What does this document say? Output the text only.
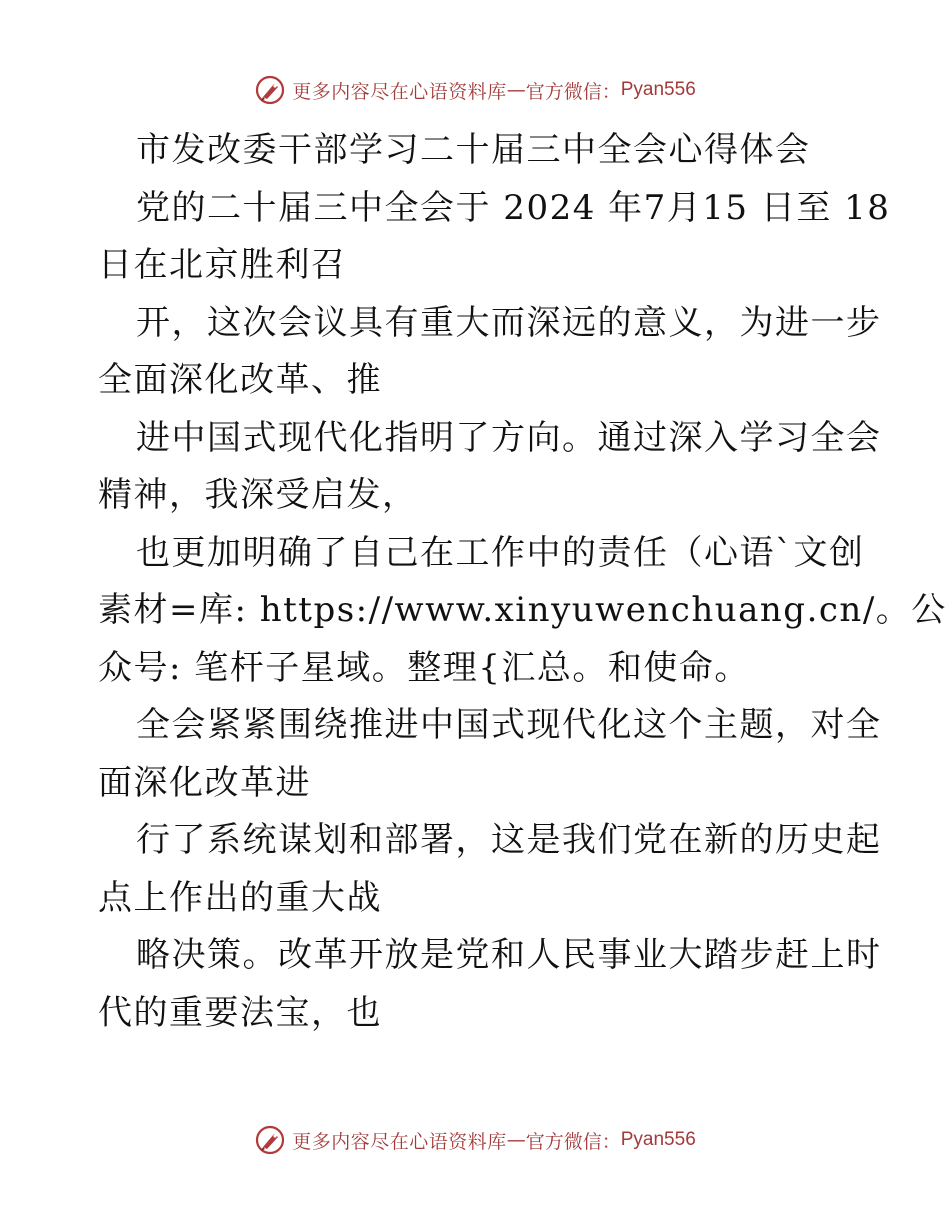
更多内容尽在心语资料库 — 官方微信： Pyan556
市发改委干部学习二十届三中全会心得体会
党的二十届三中全会于 2024 年7月15 日至 18
日在北京胜利召
开，这次会议具有重大而深远的意义，为进一步
全面深化改革、推
进中国式现代化指明了方向。通过深入学习全会
精神，我深受启发，
也更加明确了自己在工作中的责任（心语`文创
素材=库: https://www.xinyuwenchuang.cn/。公
众号: 笔杆子星域。整理{汇总。和使命。
全会紧紧围绕推进中国式现代化这个主题，对全
面深化改革进
行了系统谋划和部署，这是我们党在新的历史起
点上作出的重大战
略决策。改革开放是党和人民事业大踏步赶上时
代的重要法宝，也
更多内容尽在心语资料库 — 官方微信： Pyan556
